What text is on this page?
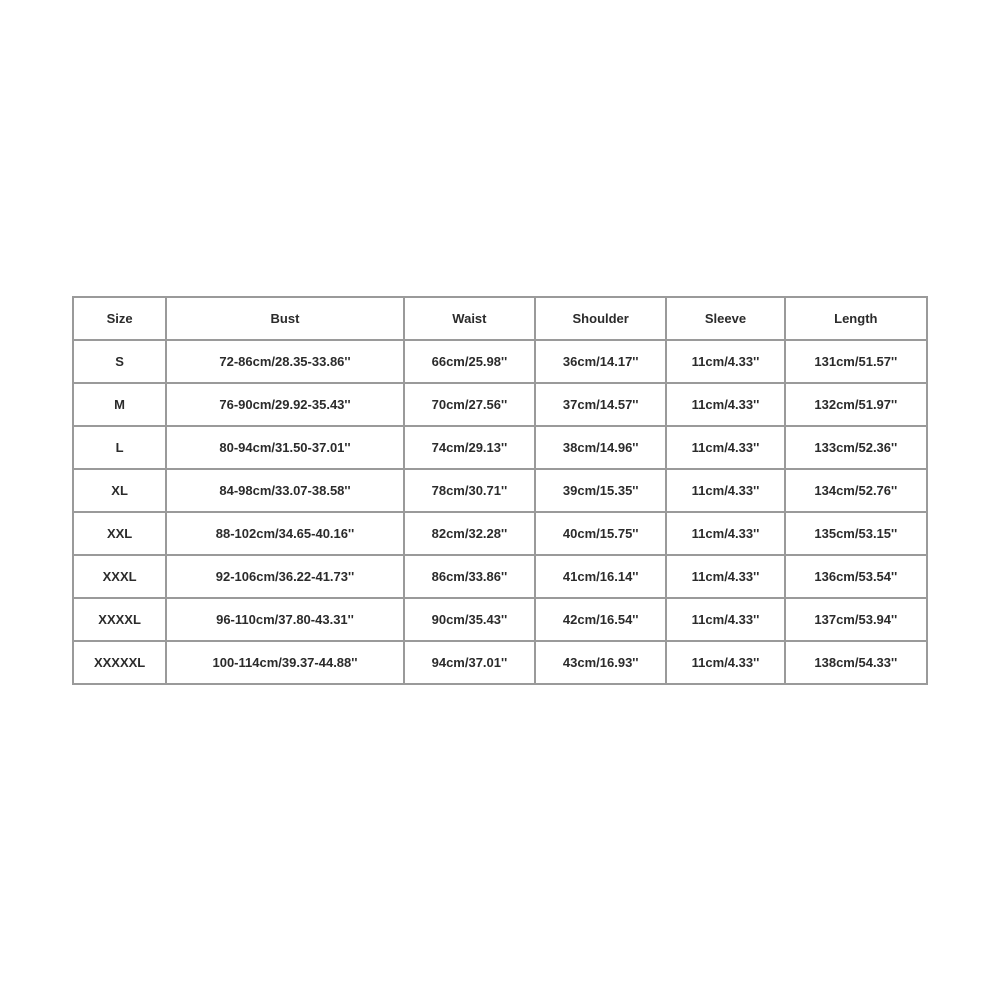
Size	Bust	Waist	Shoulder	Sleeve	Length
S	72-86cm/28.35-33.86''	66cm/25.98''	36cm/14.17''	11cm/4.33''	131cm/51.57''
M	76-90cm/29.92-35.43''	70cm/27.56''	37cm/14.57''	11cm/4.33''	132cm/51.97''
L	80-94cm/31.50-37.01''	74cm/29.13''	38cm/14.96''	11cm/4.33''	133cm/52.36''
XL	84-98cm/33.07-38.58''	78cm/30.71''	39cm/15.35''	11cm/4.33''	134cm/52.76''
XXL	88-102cm/34.65-40.16''	82cm/32.28''	40cm/15.75''	11cm/4.33''	135cm/53.15''
XXXL	92-106cm/36.22-41.73''	86cm/33.86''	41cm/16.14''	11cm/4.33''	136cm/53.54''
XXXXL	96-110cm/37.80-43.31''	90cm/35.43''	42cm/16.54''	11cm/4.33''	137cm/53.94''
XXXXXL	100-114cm/39.37-44.88''	94cm/37.01''	43cm/16.93''	11cm/4.33''	138cm/54.33''
